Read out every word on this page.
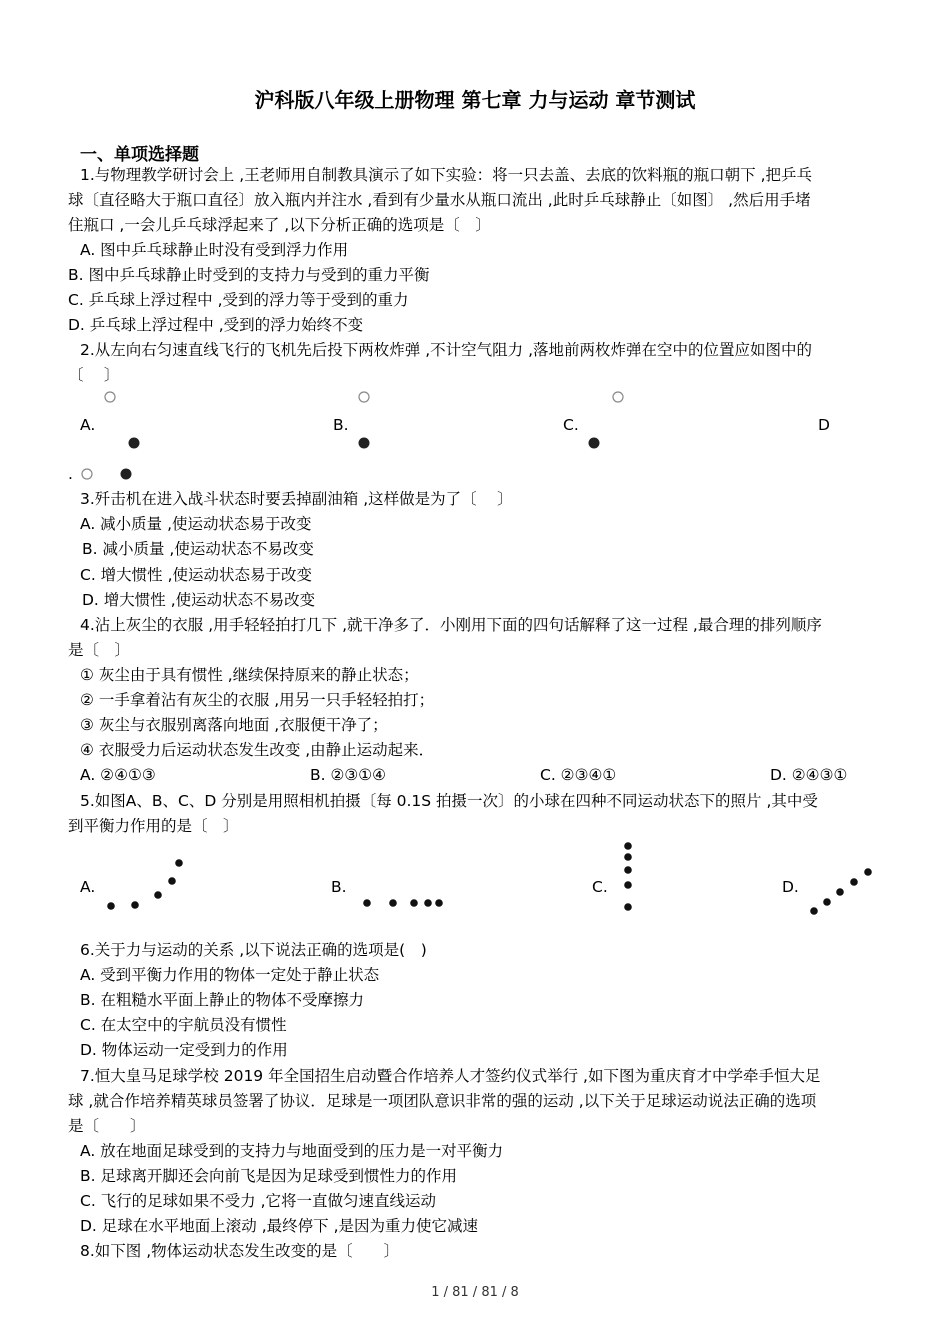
沪科版八年级上册物理 第七章 力与运动 章节测试
一、单项选择题
1.与物理教学研讨会上 ,王老师用自制教具演示了如下实验：将一只去盖、去底的饮料瓶的瓶口朝下 ,把乒乓
球〔直径略大于瓶口直径〕放入瓶内并注水 ,看到有少量水从瓶口流出 ,此时乒乓球静止〔如图〕 ,然后用手堵
住瓶口 ,一会儿乒乓球浮起来了 ,以下分析正确的选项是〔　〕
A. 图中乒乓球静止时没有受到浮力作用
B. 图中乒乓球静止时受到的支持力与受到的重力平衡
C. 乒乓球上浮过程中 ,受到的浮力等于受到的重力
D. 乒乓球上浮过程中 ,受到的浮力始终不变
2.从左向右匀速直线飞行的飞机先后投下两枚炸弹 ,不计空气阻力 ,落地前两枚炸弹在空中的位置应如图中的
〔　 〕
A.	B.	C.	D
.
3.歼击机在进入战斗状态时要丢掉副油箱 ,这样做是为了〔　 〕
A. 减小质量 ,使运动状态易于改变
B. 减小质量 ,使运动状态不易改变
C. 增大惯性 ,使运动状态易于改变
D. 增大惯性 ,使运动状态不易改变
4.沾上灰尘的衣服 ,用手轻轻拍打几下 ,就干净多了．小刚用下面的四句话解释了这一过程 ,最合理的排列顺序
是〔　〕
① 灰尘由于具有惯性 ,继续保持原来的静止状态；
② 一手拿着沾有灰尘的衣服 ,用另一只手轻轻拍打；
③ 灰尘与衣服别离落向地面 ,衣服便干净了；
④ 衣服受力后运动状态发生改变 ,由静止运动起来．
A. ②④①③	B. ②③①④	C. ②③④①	D. ②④③①
5.如图A、B、C、D 分别是用照相机拍摄〔每 0.1S 拍摄一次〕的小球在四种不同运动状态下的照片 ,其中受
到平衡力作用的是〔　〕
A.	B.	C.	D.
6.关于力与运动的关系 ,以下说法正确的选项是(　)
A. 受到平衡力作用的物体一定处于静止状态
B. 在粗糙水平面上静止的物体不受摩擦力
C. 在太空中的宇航员没有惯性
D. 物体运动一定受到力的作用
7.恒大皇马足球学校 2019 年全国招生启动暨合作培养人才签约仪式举行 ,如下图为重庆育才中学牵手恒大足
球 ,就合作培养精英球员签署了协议．足球是一项团队意识非常的强的运动 ,以下关于足球运动说法正确的选项
是〔　　〕
A. 放在地面足球受到的支持力与地面受到的压力是一对平衡力
B. 足球离开脚还会向前飞是因为足球受到惯性力的作用
C. 飞行的足球如果不受力 ,它将一直做匀速直线运动
D. 足球在水平地面上滚动 ,最终停下 ,是因为重力使它减速
8.如下图 ,物体运动状态发生改变的是〔　　〕
1 / 81 / 81 / 8
